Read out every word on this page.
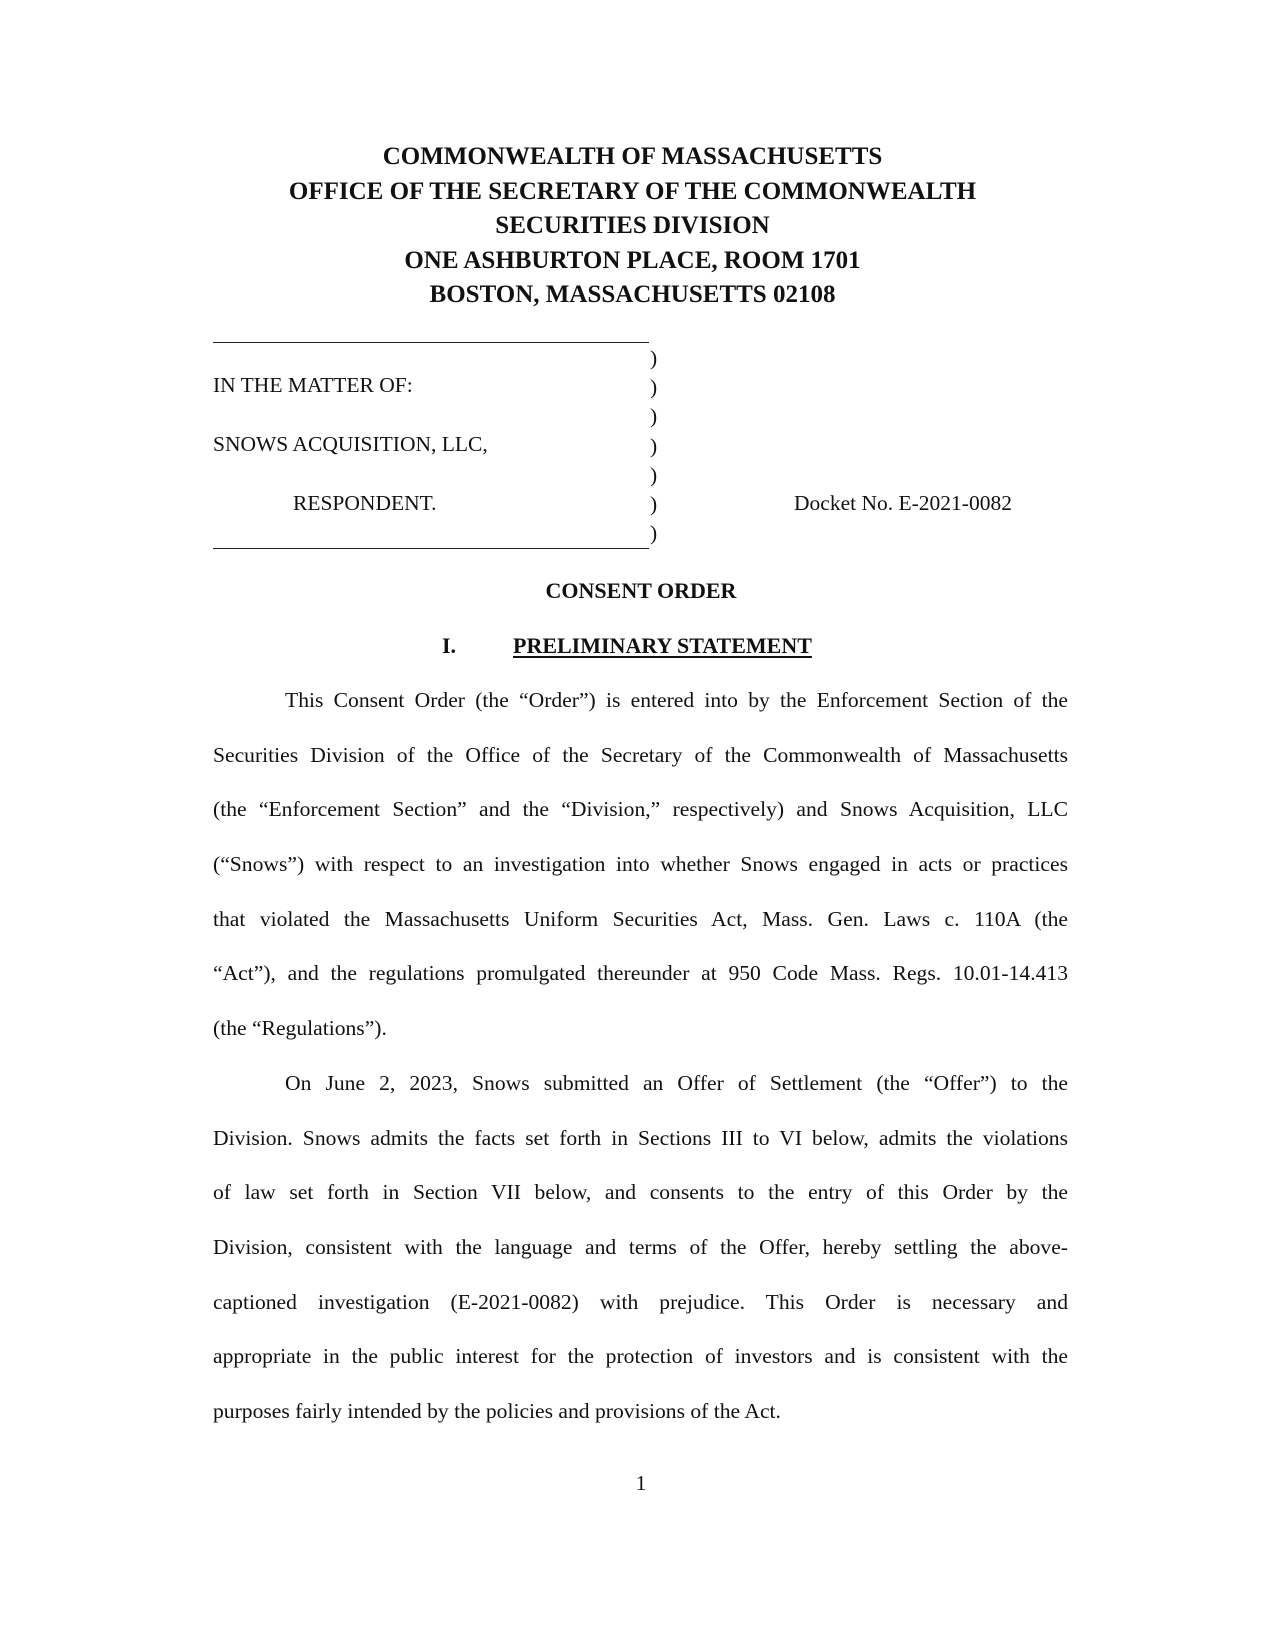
COMMONWEALTH OF MASSACHUSETTS
OFFICE OF THE SECRETARY OF THE COMMONWEALTH
SECURITIES DIVISION
ONE ASHBURTON PLACE, ROOM 1701
BOSTON, MASSACHUSETTS 02108
IN THE MATTER OF:
SNOWS ACQUISITION, LLC,
RESPONDENT.
)
)
)
)
)
)
)
Docket No. E-2021-0082
CONSENT ORDER
I.	PRELIMINARY STATEMENT
This Consent Order (the “Order”) is entered into by the Enforcement Section of the
Securities Division of the Office of the Secretary of the Commonwealth of Massachusetts
(the “Enforcement Section” and the “Division,” respectively) and Snows Acquisition, LLC
(“Snows”) with respect to an investigation into whether Snows engaged in acts or practices
that violated the Massachusetts Uniform Securities Act, Mass. Gen. Laws c. 110A (the
“Act”), and the regulations promulgated thereunder at 950 Code Mass. Regs. 10.01-14.413
(the “Regulations”).
On June 2, 2023, Snows submitted an Offer of Settlement (the “Offer”) to the
Division. Snows admits the facts set forth in Sections III to VI below, admits the violations
of law set forth in Section VII below, and consents to the entry of this Order by the
Division, consistent with the language and terms of the Offer, hereby settling the above-
captioned investigation (E-2021-0082) with prejudice. This Order is necessary and
appropriate in the public interest for the protection of investors and is consistent with the
purposes fairly intended by the policies and provisions of the Act.
1
